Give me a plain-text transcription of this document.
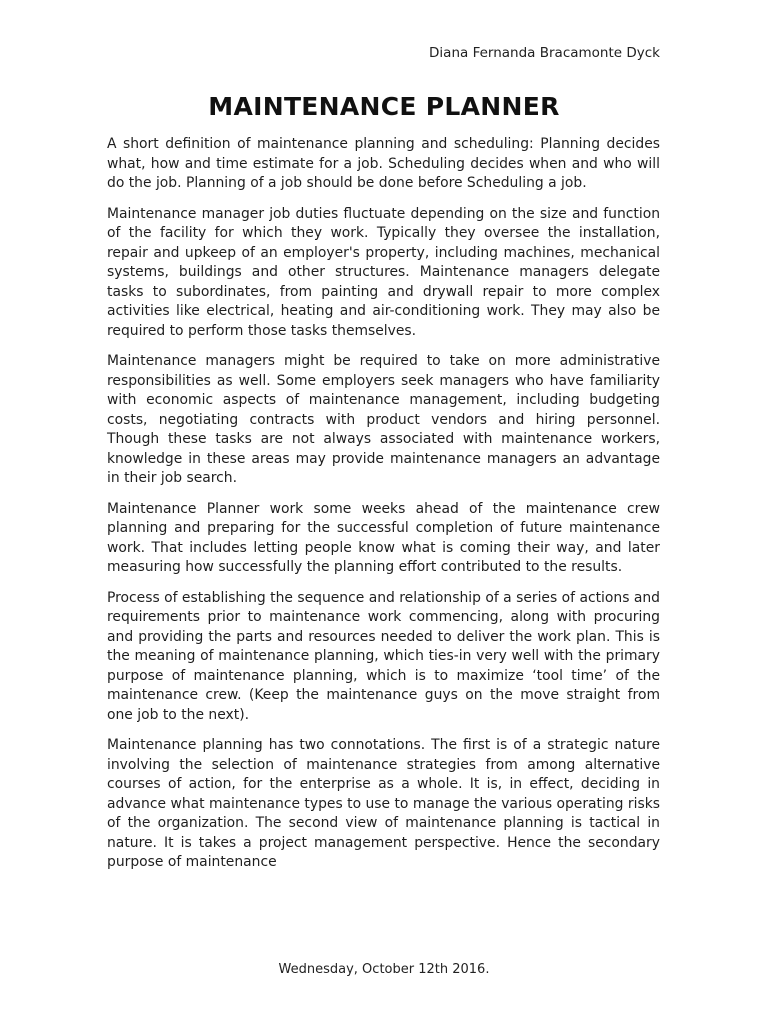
Diana Fernanda Bracamonte Dyck
MAINTENANCE PLANNER

A short definition of maintenance planning and scheduling: Planning decides what, how and time estimate for a job. Scheduling decides when and who will do the job. Planning of a job should be done before Scheduling a job.

Maintenance manager job duties fluctuate depending on the size and function of the facility for which they work. Typically they oversee the installation, repair and upkeep of an employer's property, including machines, mechanical systems, buildings and other structures. Maintenance managers delegate tasks to subordinates, from painting and drywall repair to more complex activities like electrical, heating and air-conditioning work. They may also be required to perform those tasks themselves.

Maintenance managers might be required to take on more administrative responsibilities as well. Some employers seek managers who have familiarity with economic aspects of maintenance management, including budgeting costs, negotiating contracts with product vendors and hiring personnel. Though these tasks are not always associated with maintenance workers, knowledge in these areas may provide maintenance managers an advantage in their job search.

Maintenance Planner work some weeks ahead of the maintenance crew planning and preparing for the successful completion of future maintenance work. That includes letting people know what is coming their way, and later measuring how successfully the planning effort contributed to the results.

Process of establishing the sequence and relationship of a series of actions and requirements prior to maintenance work commencing, along with procuring and providing the parts and resources needed to deliver the work plan. This is the meaning of maintenance planning, which ties-in very well with the primary purpose of maintenance planning, which is to maximize ‘tool time’ of the maintenance crew. (Keep the maintenance guys on the move straight from one job to the next).

Maintenance planning has two connotations. The first is of a strategic nature involving the selection of maintenance strategies from among alternative courses of action, for the enterprise as a whole. It is, in effect, deciding in advance what maintenance types to use to manage the various operating risks of the organization. The second view of maintenance planning is tactical in nature. It is takes a project management perspective. Hence the secondary purpose of maintenance

Wednesday, October 12th 2016.
